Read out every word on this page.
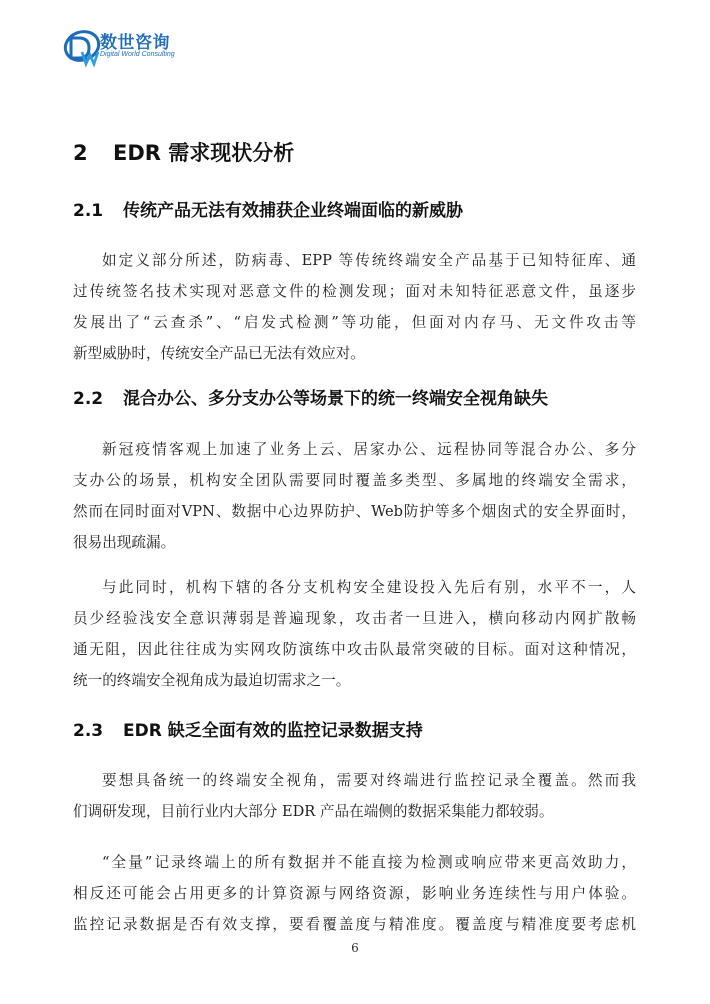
数世咨询
Digital World Consulting
2 EDR 需求现状分析
2.1 传统产品无法有效捕获企业终端面临的新威胁
如定义部分所述，防病毒、EPP 等传统终端安全产品基于已知特征库、通
过传统签名技术实现对恶意文件的检测发现；面对未知特征恶意文件，虽逐步
发展出了“云查杀”、“启发式检测”等功能，但面对内存马、无文件攻击等
新型威胁时，传统安全产品已无法有效应对。
2.2 混合办公、多分支办公等场景下的统一终端安全视角缺失
新冠疫情客观上加速了业务上云、居家办公、远程协同等混合办公、多分
支办公的场景，机构安全团队需要同时覆盖多类型、多属地的终端安全需求，
然而在同时面对VPN、数据中心边界防护、Web防护等多个烟囱式的安全界面时，
很易出现疏漏。
与此同时，机构下辖的各分支机构安全建设投入先后有别，水平不一，人
员少经验浅安全意识薄弱是普遍现象，攻击者一旦进入，横向移动内网扩散畅
通无阻，因此往往成为实网攻防演练中攻击队最常突破的目标。面对这种情况，
统一的终端安全视角成为最迫切需求之一。
2.3 EDR 缺乏全面有效的监控记录数据支持
要想具备统一的终端安全视角，需要对终端进行监控记录全覆盖。然而我
们调研发现，目前行业内大部分 EDR 产品在端侧的数据采集能力都较弱。
“全量”记录终端上的所有数据并不能直接为检测或响应带来更高效助力，
相反还可能会占用更多的计算资源与网络资源，影响业务连续性与用户体验。
监控记录数据是否有效支撑，要看覆盖度与精准度。覆盖度与精准度要考虑机
6
